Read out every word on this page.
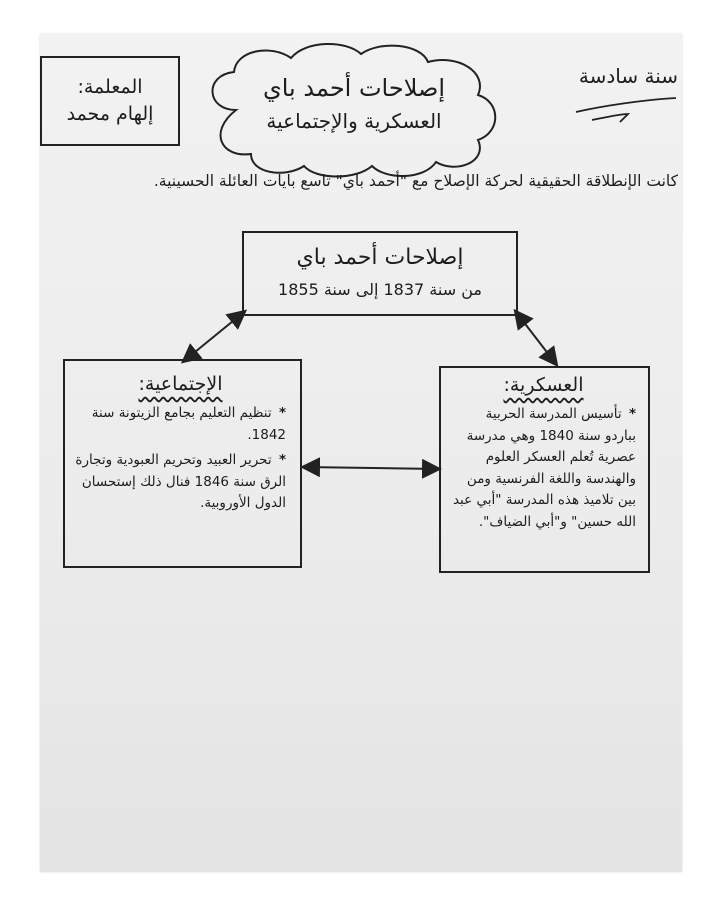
المعلمة:
إلهام محمد
إصلاحات أحمد باي
العسكرية والإجتماعية
سنة سادسة
كانت الإنطلاقة الحقيقية لحركة الإصلاح مع "أحمد باي" تاسع بايات العائلة الحسينية.
إصلاحات أحمد باي
من سنة 1837 إلى سنة 1855
الإجتماعية:
* تنظيم التعليم بجامع الزيتونة سنة 1842.
* تحرير العبيد وتحريم العبودية وتجارة الرق سنة 1846 فنال ذلك إستحسان الدول الأوروبية.
العسكرية:
* تأسيس المدرسة الحربية بباردو سنة 1840 وهي مدرسة عصرية تُعلم العسكر العلوم والهندسة واللغة الفرنسية ومن بين تلاميذ هذه المدرسة "أبي عبد الله حسين" و"أبي الضياف".
